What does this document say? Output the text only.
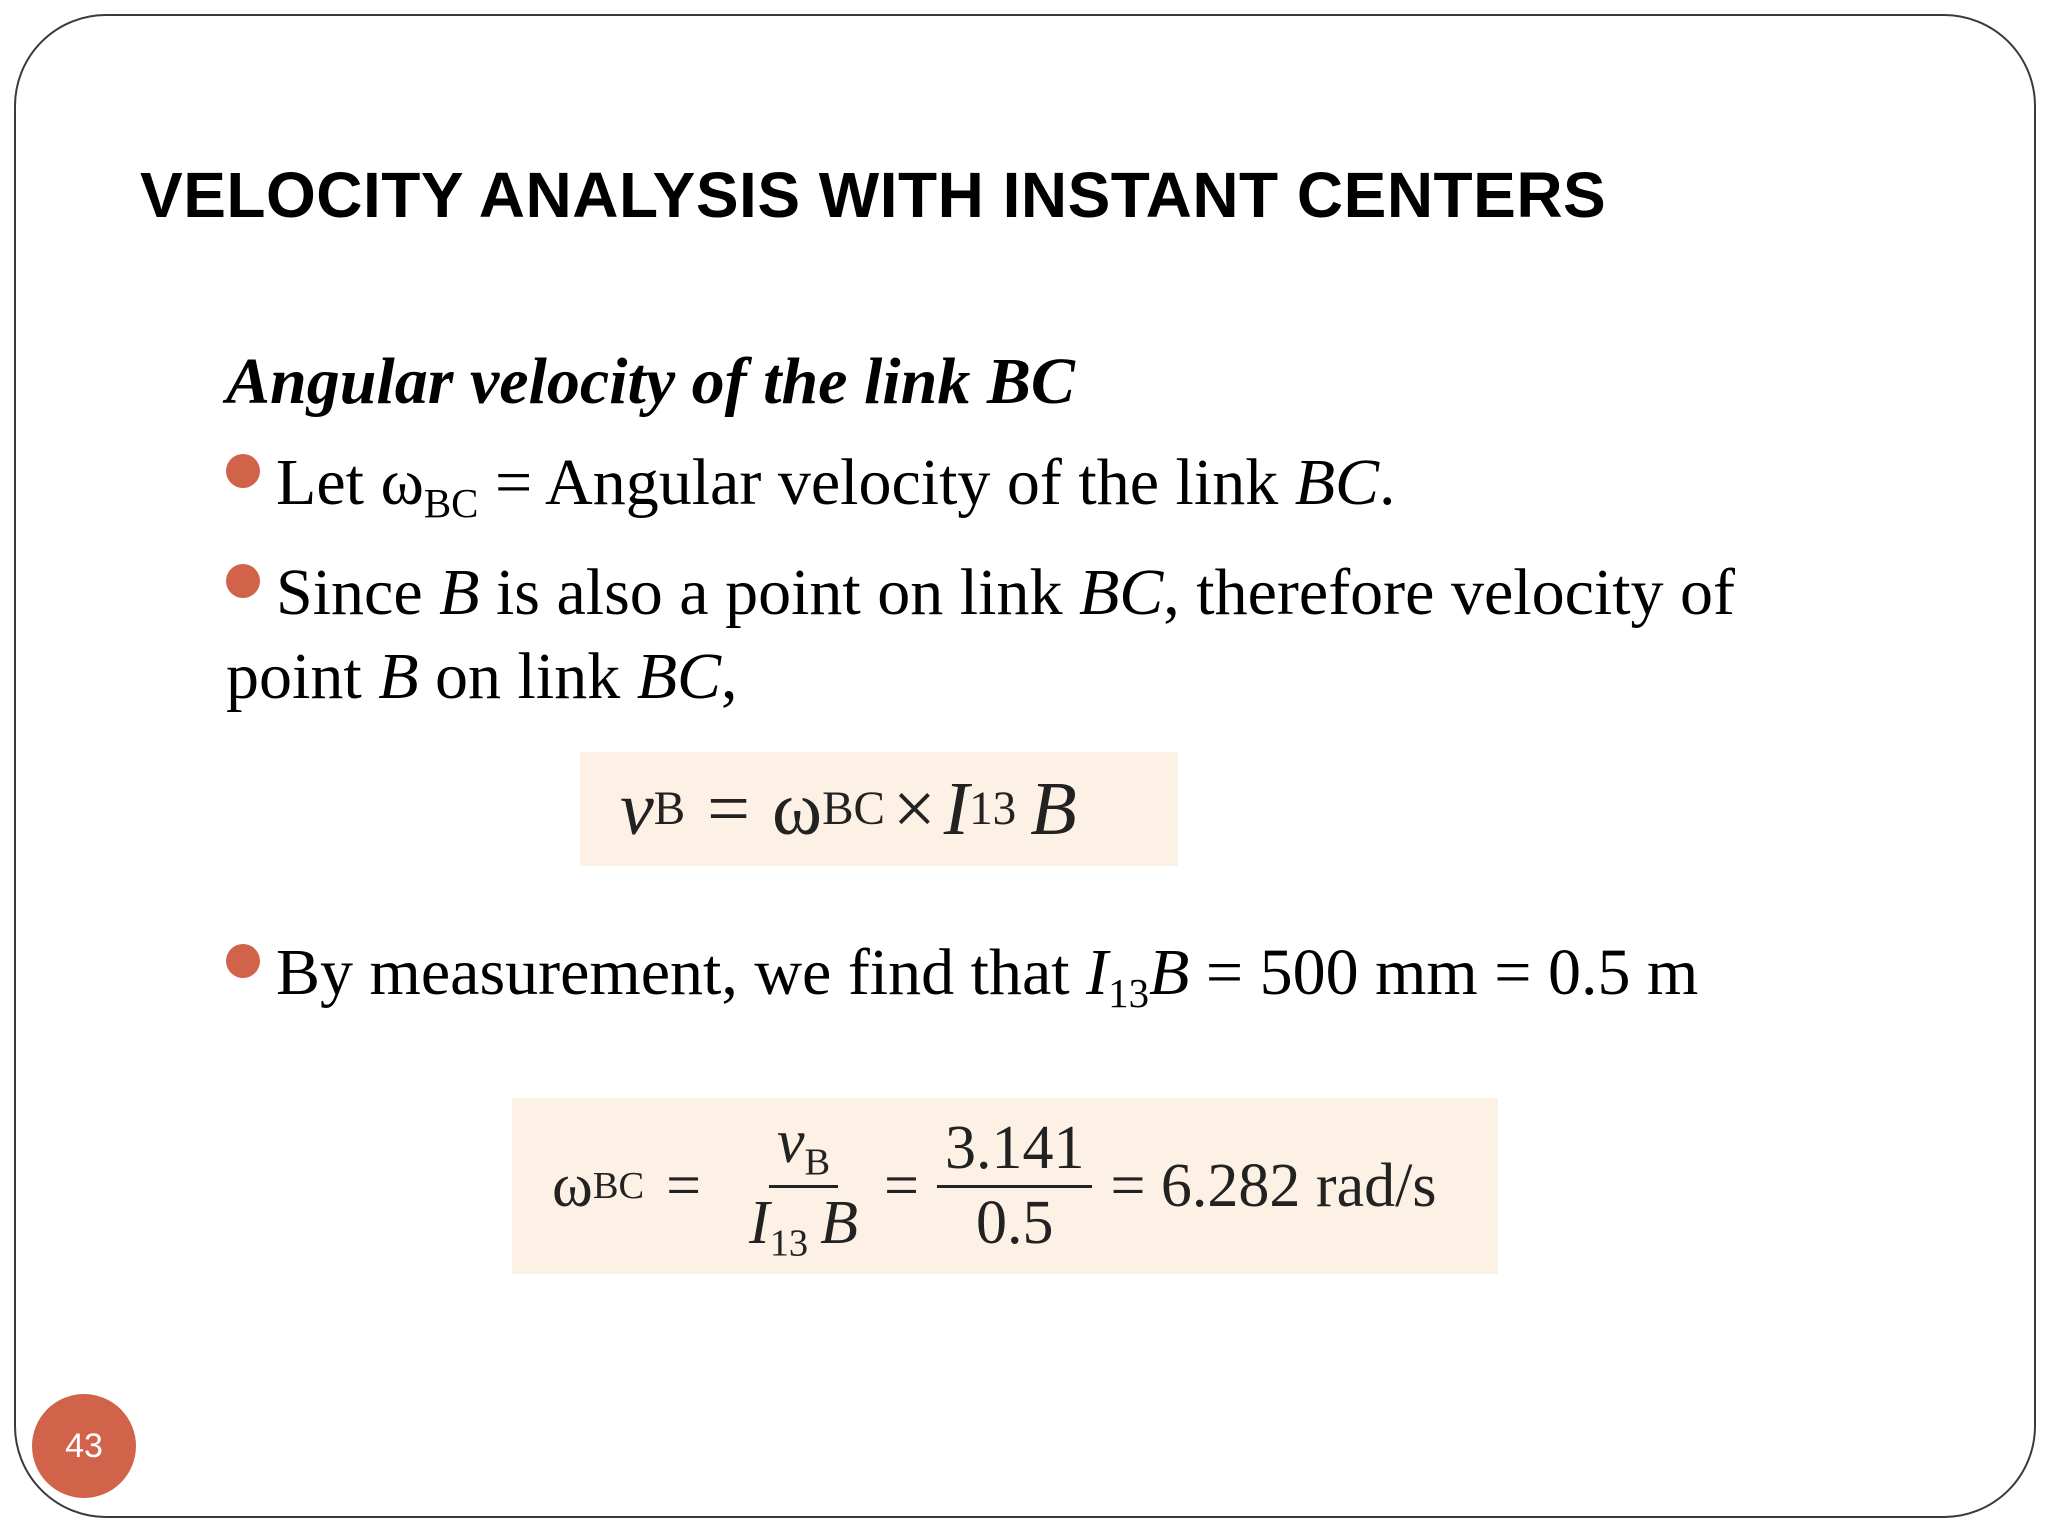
VELOCITY ANALYSIS WITH INSTANT CENTERS
Angular velocity of the link BC
Let $\omega_{BC}$ = Angular velocity of the link BC.
Since B is also a point on link BC, therefore velocity of
point B on link BC,
v B = ω BC × I 13 B
By measurement, we find that $I_{13}B = 500$ mm = 0.5 m
ω BC = $\frac{v_B}{I_{13} B} = \frac{3.141}{0.5} = 6.282$ rad/s
43
